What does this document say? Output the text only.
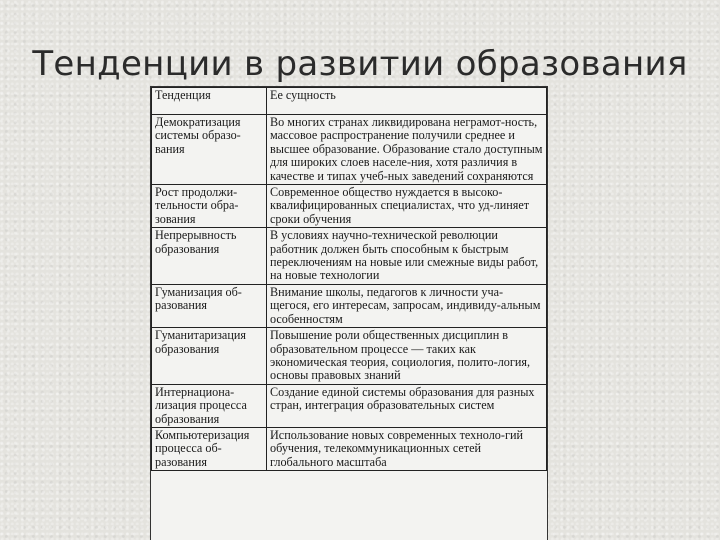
Тенденции в развитии образования
Тенденция	Ее сущность
Демократизация системы образо-вания	Во многих странах ликвидирована неграмот-ность, массовое распространение получили среднее и высшее образование. Образование стало доступным для широких слоев населе-ния, хотя различия в качестве и типах учеб-ных заведений сохраняются
Рост продолжи-тельности обра-зования	Современное общество нуждается в высоко-квалифицированных специалистах, что уд-линяет сроки обучения
Непрерывность образования	В условиях научно-технической революции работник должен быть способным к быстрым переключениям на новые или смежные виды работ, на новые технологии
Гуманизация об-разования	Внимание школы, педагогов к личности уча-щегося, его интересам, запросам, индивиду-альным особенностям
Гуманитаризация образования	Повышение роли общественных дисциплин в образовательном процессе — таких как экономическая теория, социология, полито-логия, основы правовых знаний
Интернациона-лизация процесса образования	Создание единой системы образования для разных стран, интеграция образовательных систем
Компьютеризация процесса об-разования	Использование новых современных техноло-гий обучения, телекоммуникационных сетей глобального масштаба
